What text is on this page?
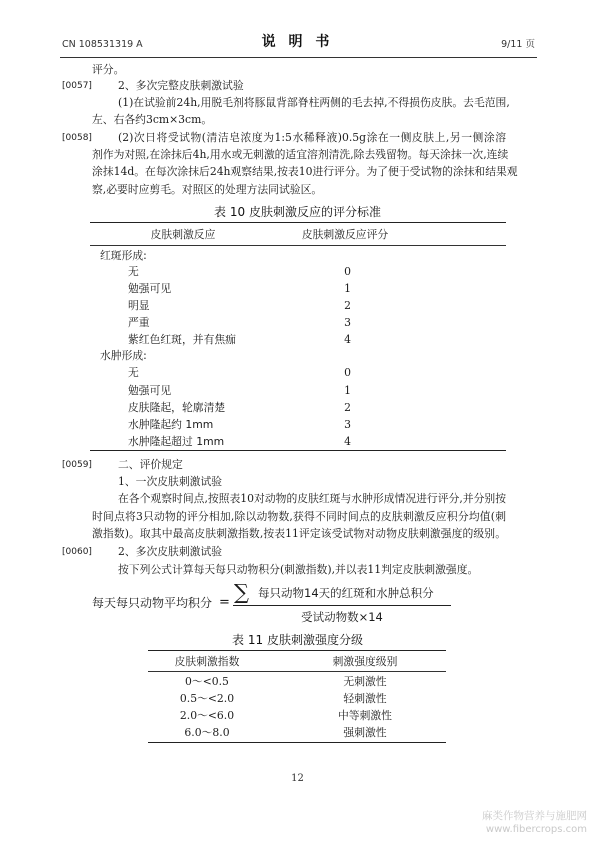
CN 108531319 A	说 明 书	9/11 页
评分。
[0057] 2、多次完整皮肤刺激试验
(1)在试验前24h,用脱毛剂将豚鼠背部脊柱两侧的毛去掉,不得损伤皮肤。去毛范围,
左、右各约3cm×3cm。
[0058] (2)次日将受试物(清洁皂浓度为1:5水稀释液)0.5g涂在一侧皮肤上,另一侧涂溶
剂作为对照,在涂抹后4h,用水或无刺激的适宜溶剂清洗,除去残留物。每天涂抹一次,连续
涂抹14d。在每次涂抹后24h观察结果,按表10进行评分。为了便于受试物的涂抹和结果观
察,必要时应剪毛。对照区的处理方法同试验区。
表 10 皮肤刺激反应的评分标准
皮肤刺激反应	皮肤刺激反应评分
红斑形成:
无	0
勉强可见	1
明显	2
严重	3
紫红色红斑，并有焦痂	4
水肿形成:
无	0
勉强可见	1
皮肤隆起，轮廓清楚	2
水肿隆起约 1mm	3
水肿隆起超过 1mm	4
[0059] 二、评价规定
1、一次皮肤刺激试验
在各个观察时间点,按照表10对动物的皮肤红斑与水肿形成情况进行评分,并分别按
时间点将3只动物的评分相加,除以动物数,获得不同时间点的皮肤刺激反应积分均值(刺
激指数)。取其中最高皮肤刺激指数,按表11评定该受试物对动物皮肤刺激强度的级别。
[0060] 2、多次皮肤刺激试验
按下列公式计算每天每只动物积分(刺激指数),并以表11判定皮肤刺激强度。
每天每只动物平均积分 = ∑ 每只动物14天的红斑和水肿总积分
受试动物数×14
表 11 皮肤刺激强度分级
皮肤刺激指数	刺激强度级别
0～<0.5	无刺激性
0.5～<2.0	轻刺激性
2.0～<6.0	中等刺激性
6.0～8.0	强刺激性
12
麻类作物营养与施肥网
www.fibercrops.com
